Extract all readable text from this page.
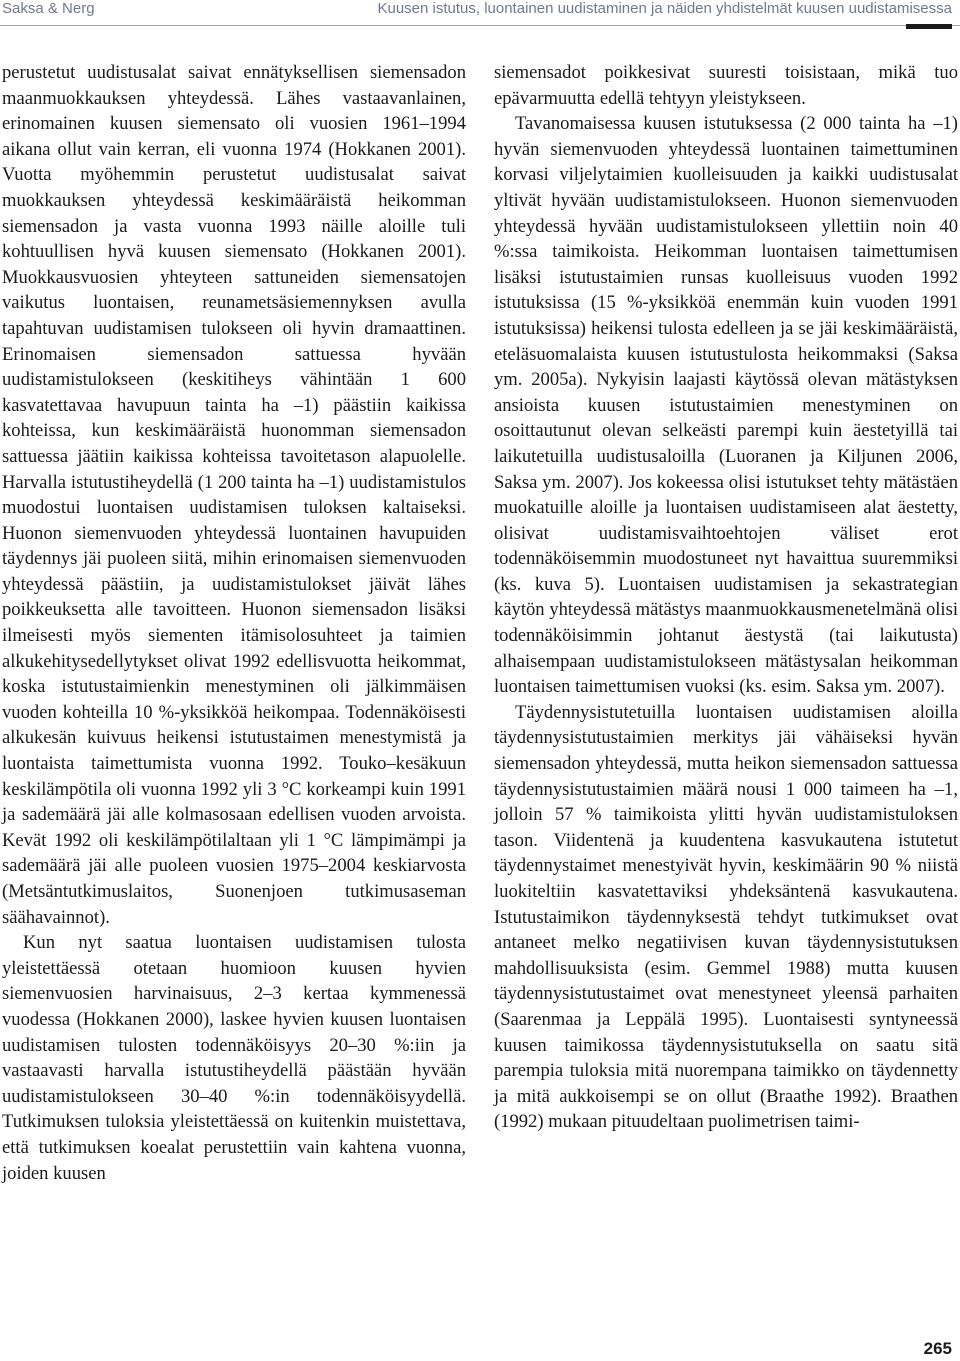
Saksa & Nerg	Kuusen istutus, luontainen uudistaminen ja näiden yhdistelmät kuusen uudistamisessa

perustetut uudistusalat saivat ennätyksellisen siemensadon maanmuokkauksen yhteydessä. Lähes vastaavanlainen, erinomainen kuusen siemensato oli vuosien 1961–1994 aikana ollut vain kerran, eli vuonna 1974 (Hokkanen 2001). Vuotta myöhemmin perustetut uudistusalat saivat muokkauksen yhteydessä keskimääräistä heikomman siemensadon ja vasta vuonna 1993 näille aloille tuli kohtuullisen hyvä kuusen siemensato (Hokkanen 2001). Muokkausvuosien yhteyteen sattuneiden siemensatojen vaikutus luontaisen, reunametsäsiemennyksen avulla tapahtuvan uudistamisen tulokseen oli hyvin dramaattinen. Erinomaisen siemensadon sattuessa hyvään uudistamistulokseen (keskitiheys vähintään 1 600 kasvatettavaa havupuun tainta ha –1) päästiin kaikissa kohteissa, kun keskimääräistä huonomman siemensadon sattuessa jäätiin kaikissa kohteissa tavoitetason alapuolelle. Harvalla istutustiheydellä (1 200 tainta ha –1) uudistamistulos muodostui luontaisen uudistamisen tuloksen kaltaiseksi. Huonon siemenvuoden yhteydessä luontainen havupuiden täydennys jäi puoleen siitä, mihin erinomaisen siemenvuoden yhteydessä päästiin, ja uudistamistulokset jäivät lähes poikkeuksetta alle tavoitteen. Huonon siemensadon lisäksi ilmeisesti myös siementen itämisolosuhteet ja taimien alkukehitysedellytykset olivat 1992 edellisvuotta heikommat, koska istutustaimienkin menestyminen oli jälkimmäisen vuoden kohteilla 10 %-yksikköä heikompaa. Todennäköisesti alkukesän kuivuus heikensi istutustaimen menestymistä ja luontaista taimettumista vuonna 1992. Touko–kesäkuun keskilämpötila oli vuonna 1992 yli 3 °C korkeampi kuin 1991 ja sademäärä jäi alle kolmasosaan edellisen vuoden arvoista. Kevät 1992 oli keskilämpötilaltaan yli 1 °C lämpimämpi ja sademäärä jäi alle puoleen vuosien 1975–2004 keskiarvosta (Metsäntutkimuslaitos, Suonenjoen tutkimusaseman säähavainnot).

Kun nyt saatua luontaisen uudistamisen tulosta yleistettäessä otetaan huomioon kuusen hyvien siemenvuosien harvinaisuus, 2–3 kertaa kymmenessä vuodessa (Hokkanen 2000), laskee hyvien kuusen luontaisen uudistamisen tulosten todennäköisyys 20–30 %:iin ja vastaavasti harvalla istutustiheydellä päästään hyvään uudistamistulokseen 30–40 %:in todennäköisyydellä. Tutkimuksen tuloksia yleistettäessä on kuitenkin muistettava, että tutkimuksen koealat perustettiin vain kahtena vuonna, joiden kuusen

siemensadot poikkesivat suuresti toisistaan, mikä tuo epävarmuutta edellä tehtyyn yleistykseen.

Tavanomaisessa kuusen istutuksessa (2 000 tainta ha –1) hyvän siemenvuoden yhteydessä luontainen taimettuminen korvasi viljelytaimien kuolleisuuden ja kaikki uudistusalat yltivät hyvään uudistamistulokseen. Huonon siemenvuoden yhteydessä hyvään uudistamistulokseen yllettiin noin 40 %:ssa taimikoista. Heikomman luontaisen taimettumisen lisäksi istutustaimien runsas kuolleisuus vuoden 1992 istutuksissa (15 %-yksikköä enemmän kuin vuoden 1991 istutuksissa) heikensi tulosta edelleen ja se jäi keskimääräistä, eteläsuomalaista kuusen istutustulosta heikommaksi (Saksa ym. 2005a). Nykyisin laajasti käytössä olevan mätästyksen ansioista kuusen istutustaimien menestyminen on osoittautunut olevan selkeästi parempi kuin äestetyillä tai laikutetuilla uudistusaloilla (Luoranen ja Kiljunen 2006, Saksa ym. 2007). Jos kokeessa olisi istutukset tehty mätästäen muokatuille aloille ja luontaisen uudistamiseen alat äestetty, olisivat uudistamisvaihtoehtojen väliset erot todennäköisemmin muodostuneet nyt havaittua suuremmiksi (ks. kuva 5). Luontaisen uudistamisen ja sekastrategian käytön yhteydessä mätästys maanmuokkausmenetelmänä olisi todennäköisimmin johtanut äestystä (tai laikutusta) alhaisempaan uudistamistulokseen mätästysalan heikomman luontaisen taimettumisen vuoksi (ks. esim. Saksa ym. 2007).

Täydennysistutetuilla luontaisen uudistamisen aloilla täydennysistutustaimien merkitys jäi vähäiseksi hyvän siemensadon yhteydessä, mutta heikon siemensadon sattuessa täydennysistutustaimien määrä nousi 1 000 taimeen ha –1, jolloin 57 % taimikoista ylitti hyvän uudistamistuloksen tason. Viidentenä ja kuudentena kasvukautena istutetut täydennystaimet menestyivät hyvin, keskimäärin 90 % niistä luokiteltiin kasvatettaviksi yhdeksäntenä kasvukautena. Istutustaimikon täydennyksestä tehdyt tutkimukset ovat antaneet melko negatiivisen kuvan täydennysistutuksen mahdollisuuksista (esim. Gemmel 1988) mutta kuusen täydennysistutustaimet ovat menestyneet yleensä parhaiten (Saarenmaa ja Leppälä 1995). Luontaisesti syntyneessä kuusen taimikossa täydennysistutuksella on saatu sitä parempia tuloksia mitä nuorempana taimikko on täydennetty ja mitä aukkoisempi se on ollut (Braathe 1992). Braathen (1992) mukaan pituudeltaan puolimetrisen taimi-

265
